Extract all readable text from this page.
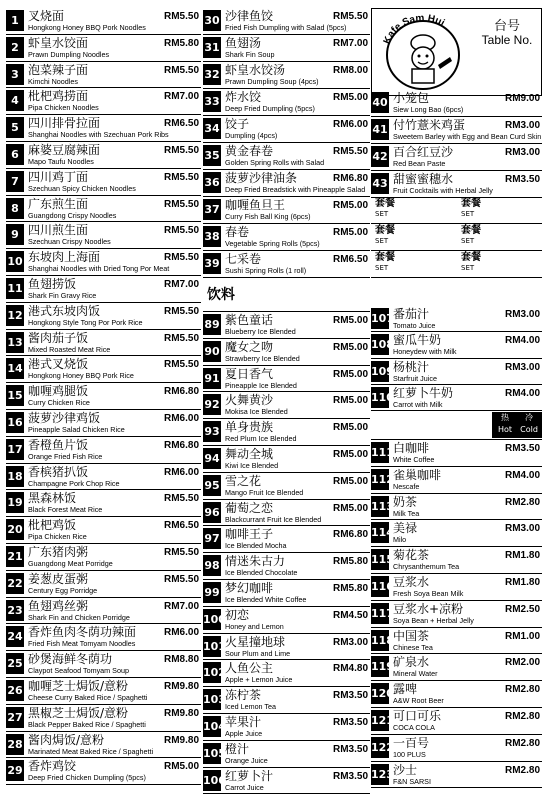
1 叉烧面
Hongkong Honey BBQ Pork Noodles
RM5.50
2 虾皇水饺面
Prawn Dumpling Noodles
RM5.80
3 泡菜辣子面
Kimchi Noodles
RM5.50
4 枇杷鸡捞面
Pipa Chicken Noodles
RM7.00
5 四川排骨拉面
Shanghai Noodles with Szechuan Pork Ribs
RM6.50
6 麻婆豆腐辣面
Mapo Taufu Noodles
RM5.50
7 四川鸡丁面
Szechuan Spicy Chicken Noodles
RM5.50
8 广东煎生面
Guangdong Crispy Noodles
RM5.50
9 四川煎生面
Szechuan Crispy Noodles
RM5.50
10 东坡肉上海面
Shanghai Noodles with Dried Tong Por Meat
RM5.50
11 鱼翅捞饭
Shark Fin Gravy Rice
RM7.00
12 港式东坡肉饭
Hongkong Style Tong Por Pork Rice
RM5.50
13 酱肉茄子饭
Mixed Roasted Meat Rice
RM5.50
14 港式叉烧饭
Hongkong Honey BBQ Pork Rice
RM5.50
15 咖喱鸡腿饭
Curry Chicken Rice
RM6.80
16 菠萝沙律鸡饭
Pineapple Salad Chicken Rice
RM6.00
17 香橙鱼片饭
Orange Fried Fish Rice
RM6.80
18 香槟猪扒饭
Champagne Pork Chop Rice
RM6.00
19 黑森林饭
Black Forest Meat Rice
RM5.50
20 枇杷鸡饭
Pipa Chicken Rice
RM6.50
21 广东猪肉粥
Guangdong Meat Porridge
RM5.50
22 姜葱皮蛋粥
Century Egg Porridge
RM5.50
23 鱼翅鸡丝粥
Shark Fin and Chicken Porridge
RM7.00
24 香炸鱼肉冬荫功辣面
Fried Fish Meat Tomyam Noodles
RM6.00
25 砂煲海鲜冬荫功
Claypot Seafood Tomyam Soup
RM8.80
26 咖喱芝士焗饭/意粉
Cheese Curry Baked Rice / Spaghetti
RM9.80
27 黑椒芝士焗饭/意粉
Black Pepper Baked Rice / Spaghetti
RM9.80
28 酱肉焗饭/意粉
Marinated Meat Baked Rice / Spaghetti
RM9.80
29 香炸鸡饺
Deep Fried Chicken Dumpling (5pcs)
RM5.00
30 沙律鱼饺
Fried Fish Dumpling with Salad (5pcs)
RM5.50
31 鱼翅汤
Shark Fin Soup
RM7.00
32 虾皇水饺汤
Prawn Dumpling Soup (4pcs)
RM8.00
33 炸水饺
Deep Fried Dumpling (5pcs)
RM5.00
34 饺子
Dumpling (4pcs)
RM6.00
35 黄金春卷
Golden Spring Rolls with Salad
RM5.50
36 菠萝沙律油条
Deep Fried Breadstick with Pineapple Salad
RM6.80
37 咖喱鱼旦王
Curry Fish Ball King (6pcs)
RM5.00
38 春卷
Vegetable Spring Rolls (5pcs)
RM5.00
39 七采卷
Sushi Spring Rolls (1 roll)
RM6.50
饮料
89 紫色童话
Blueberry Ice Blended
RM5.00
90 魔女之吻
Strawberry Ice Blended
RM5.00
91 夏日香气
Pineapple Ice Blended
RM5.00
92 火舞黄沙
Mokisa Ice Blended
RM5.00
93 单身贵族
Red Plum Ice Blended
RM5.00
94 舞动全城
Kiwi Ice Blended
RM5.00
95 雪之花
Mango Fruit Ice Blended
RM5.00
96 葡萄之恋
Blackcurrant Fruit Ice Blended
RM5.00
97 咖啡王子
Ice Blended Mocha
RM6.80
98 情迷朱古力
Ice Blended Chocolate
RM5.80
99 梦幻咖啡
Ice Blended White Coffee
RM5.80
100 初恋
Honey and Lemon
RM4.50
101 火星撞地球
Sour Plum and Lime
RM3.00
102 人鱼公主
Apple + Lemon Juice
RM4.80
103 冻柠茶
Iced Lemon Tea
RM3.50
104 苹果汁
Apple Juice
RM3.50
105 橙汁
Orange Juice
RM3.50
106 红萝卜汁
Carrot Juice
RM3.50
Kafe Sam Hui	台号
Table No.
40 小笼包
Siew Long Bao (6pcs)
RM9.00
41 付竹薏米鸡蛋
Sweetem Barley with Egg and Bean Curd Skin
RM3.00
42 百合红豆沙
Red Bean Paste
RM3.00
43 甜蜜蜜穗水
Fruit Cocktails with Herbal Jelly
RM3.50
套餐
SET
套餐
SET
套餐
SET
套餐
SET
套餐
SET
套餐
SET
107 番茄汁
Tomato Juice
RM3.00
108 蜜瓜牛奶
Honeydew with Milk
RM4.00
109 杨桃汁
Starfruit Juice
RM3.00
110 红萝卜牛奶
Carrot with Milk
RM4.00
热
Hot
冷
Cold
111 白咖啡
White Coffee
RM3.50
112 雀巢咖啡
Nescafe
RM4.00
113 奶茶
Milk Tea
RM2.80
114 美禄
Milo
RM3.00
115 菊花茶
Chrysanthemum Tea
RM1.80
116 豆浆水
Fresh Soya Bean Milk
RM1.80
117 豆浆水+凉粉
Soya Bean + Herbal Jelly
RM2.50
118 中国茶
Chinese Tea
RM1.00
119 矿泉水
Mineral Water
RM2.00
120 露啤
A&W Root Beer
RM2.80
121 可口可乐
COCA COLA
RM2.80
122 一百号
100 PLUS
RM2.80
123 沙士
F&N SARSI
RM2.80
